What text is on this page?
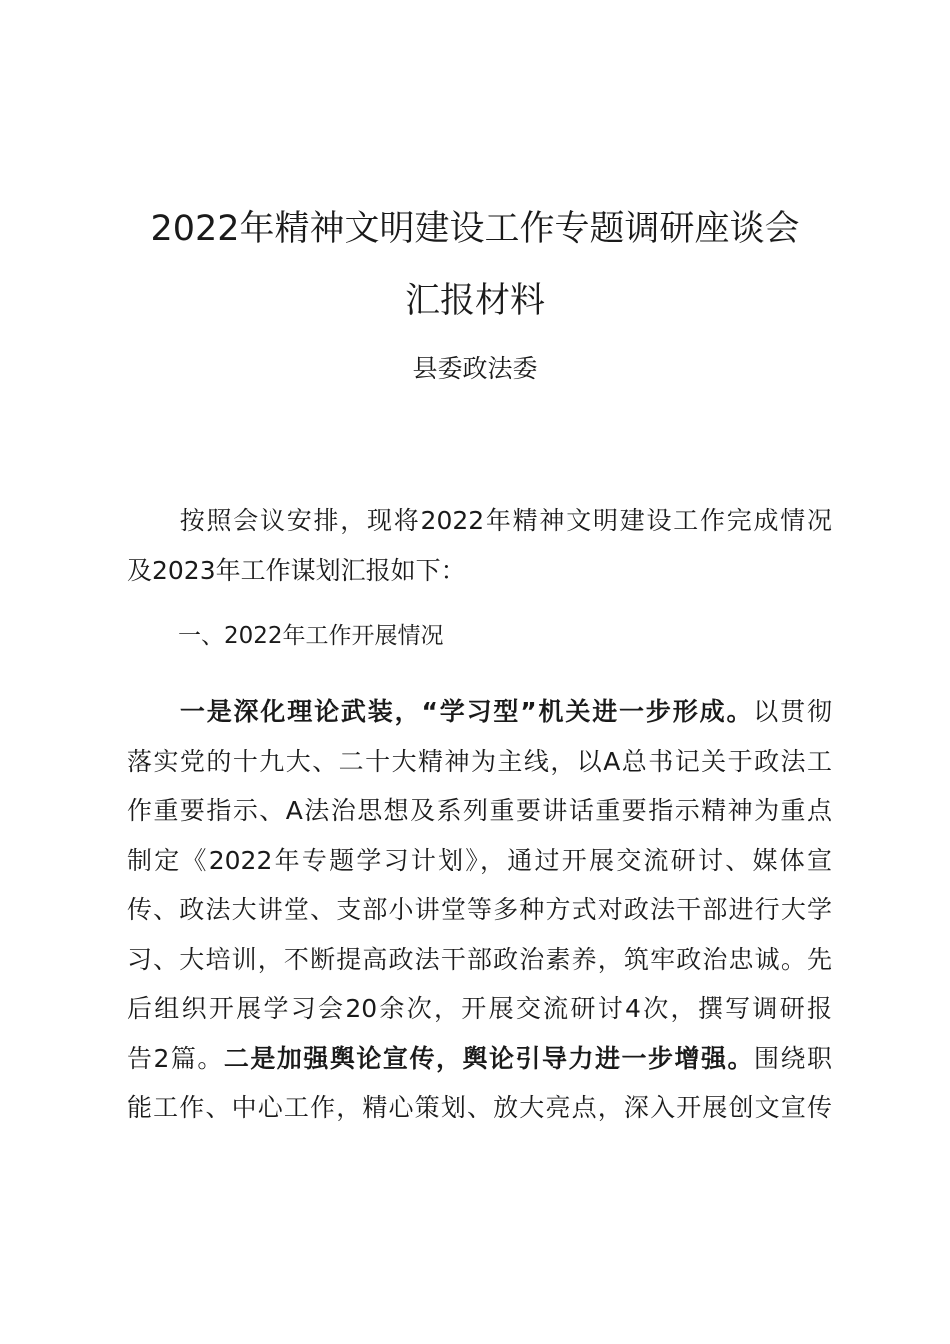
2022年精神文明建设工作专题调研座谈会
汇报材料

县委政法委

按照会议安排，现将2022年精神文明建设工作完成情况
及2023年工作谋划汇报如下：

一、2022年工作开展情况

一是深化理论武装，“学习型”机关进一步形成。以贯彻
落实党的十九大、二十大精神为主线，以A总书记关于政法工
作重要指示、A法治思想及系列重要讲话重要指示精神为重点
制定《2022年专题学习计划》，通过开展交流研讨、媒体宣
传、政法大讲堂、支部小讲堂等多种方式对政法干部进行大学
习、大培训，不断提高政法干部政治素养，筑牢政治忠诚。先
后组织开展学习会20余次，开展交流研讨4次，撰写调研报
告2篇。二是加强舆论宣传，舆论引导力进一步增强。围绕职
能工作、中心工作，精心策划、放大亮点，深入开展创文宣传
